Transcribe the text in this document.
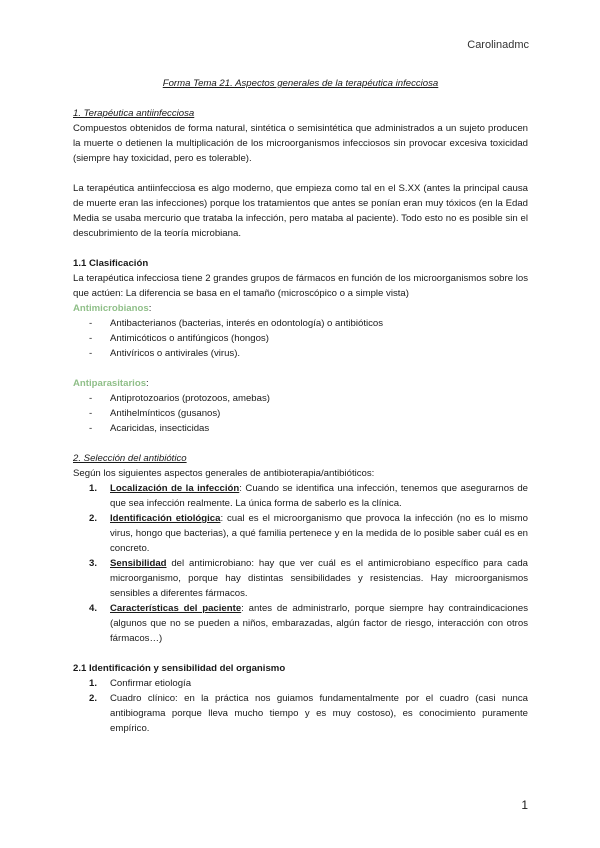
Carolinadmc

Forma Tema 21. Aspectos generales de la terapéutica infecciosa

1. Terapéutica antiinfecciosa

Compuestos obtenidos de forma natural, sintética o semisintética que administrados a un sujeto producen la muerte o detienen la multiplicación de los microorganismos infecciosos sin provocar excesiva toxicidad (siempre hay toxicidad, pero es tolerable).

La terapéutica antiinfecciosa es algo moderno, que empieza como tal en el S.XX (antes la principal causa de muerte eran las infecciones) porque los tratamientos que antes se ponían eran muy tóxicos (en la Edad Media se usaba mercurio que trataba la infección, pero mataba al paciente). Todo esto no es posible sin el descubrimiento de la teoría microbiana.

1.1 Clasificación

La terapéutica infecciosa tiene 2 grandes grupos de fármacos en función de los microorganismos sobre los que actúen: La diferencia se basa en el tamaño (microscópico o a simple vista)

Antimicrobianos:

- Antibacterianos (bacterias, interés en odontología) o antibióticos
- Antimicóticos o antifúngicos (hongos)
- Antivíricos o antivirales (virus).

Antiparasitarios:

- Antiprotozoarios (protozoos, amebas)
- Antihelmínticos (gusanos)
- Acaricidas, insecticidas

2. Selección del antibiótico

Según los siguientes aspectos generales de antibioterapia/antibióticos:

1. Localización de la infección: Cuando se identifica una infección, tenemos que asegurarnos de que sea infección realmente. La única forma de saberlo es la clínica.
2. Identificación etiológica: cual es el microorganismo que provoca la infección (no es lo mismo virus, hongo que bacterias), a qué familia pertenece y en la medida de lo posible saber cuál es en concreto.
3. Sensibilidad del antimicrobiano: hay que ver cuál es el antimicrobiano específico para cada microorganismo, porque hay distintas sensibilidades y resistencias. Hay microorganismos sensibles a diferentes fármacos.
4. Características del paciente: antes de administrarlo, porque siempre hay contraindicaciones (algunos que no se pueden a niños, embarazadas, algún factor de riesgo, interacción con otros fármacos…)

2.1 Identificación y sensibilidad del organismo

1. Confirmar etiología
2. Cuadro clínico: en la práctica nos guiamos fundamentalmente por el cuadro (casi nunca antibiograma porque lleva mucho tiempo y es muy costoso), es conocimiento puramente empírico.
1
